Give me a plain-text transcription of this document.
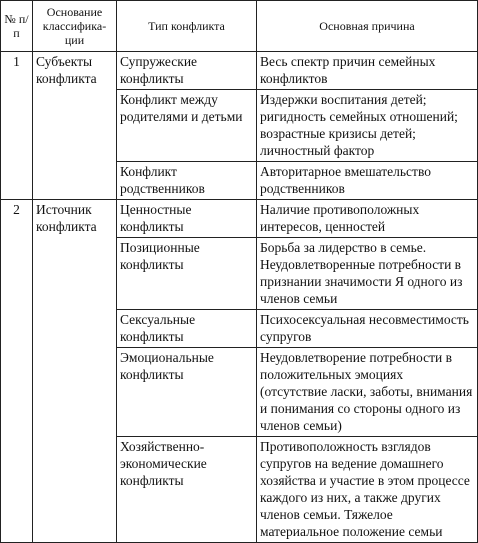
№ п/п	Основание классифика-ции	Тип конфликта	Основная причина
1	Субъекты конфликта	Супружеские конфликты	Весь спектр причин семейных конфликтов
		Конфликт между родителями и детьми	Издержки воспитания детей; ригидность семейных отношений; возрастные кризисы детей; личностный фактор
		Конфликт родственников	Авторитарное вмешательство родственников
2	Источник конфликта	Ценностные конфликты	Наличие противоположных интересов, ценностей
		Позиционные конфликты	Борьба за лидерство в семье. Неудовлетворенные потребности в признании значимости Я одного из членов семьи
		Сексуальные конфликты	Психосексуальная несовместимость супругов
		Эмоциональные конфликты	Неудовлетворение потребности в положительных эмоциях (отсутствие ласки, заботы, внимания и понимания со стороны одного из членов семьи)
		Хозяйственно-экономические конфликты	Противоположность взглядов супругов на ведение домашнего хозяйства и участие в этом процессе каждого из них, а также других членов семьи. Тяжелое материальное положение семьи
